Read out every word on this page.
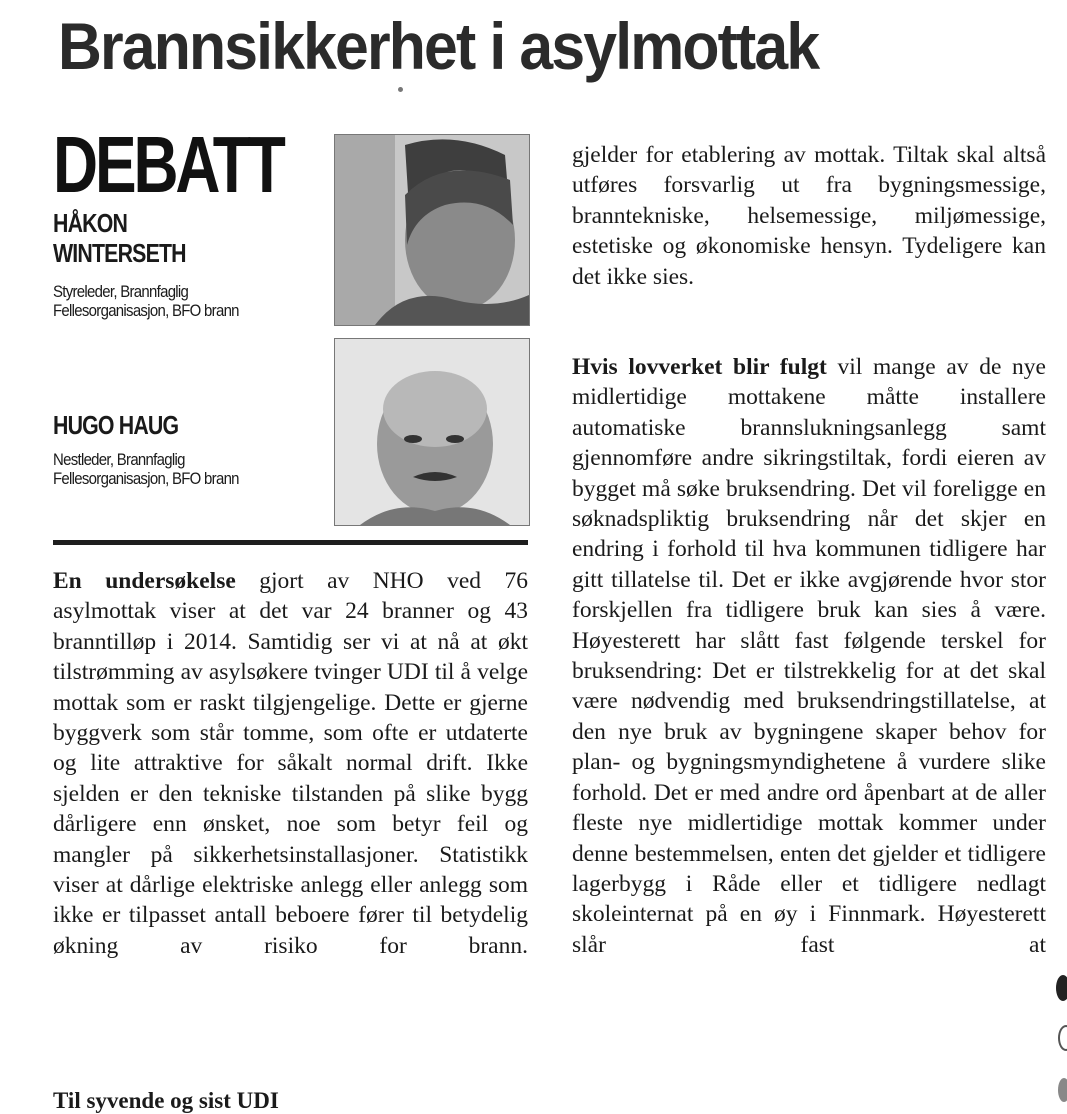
Brannsikkerhet i asylmottak
DEBATT
HÅKON
WINTERSETH
Styreleder, Brannfaglig
Fellesorganisasjon, BFO brann
HUGO HAUG
Nestleder, Brannfaglig
Fellesorganisasjon, BFO brann

En undersøkelse gjort av NHO ved 76 asylmottak viser at det var 24 branner og 43 branntilløp i 2014. Samtidig ser vi at nå at økt tilstrømming av asylsøkere tvinger UDI til å velge mottak som er raskt tilgjengelige. Dette er gjerne byggverk som står tomme, som ofte er utdaterte og lite attraktive for såkalt normal drift. Ikke sjelden er den tekniske tilstanden på slike bygg dårligere enn ønsket, noe som betyr feil og mangler på sikkerhetsinstallasjoner. Statistikk viser at dårlige elektriske anlegg eller anlegg som ikke er tilpasset antall beboere fører til betydelig økning av risiko for brann.

Til syvende og sist UDI

gjelder for etablering av mottak. Tiltak skal altså utføres forsvarlig ut fra bygningsmessige, branntekniske, helsemessige, miljømessige, estetiske og økonomiske hensyn. Tydeligere kan det ikke sies.

Hvis lovverket blir fulgt vil mange av de nye midlertidige mottakene måtte installere automatiske brannslukningsanlegg samt gjennomføre andre sikringstiltak, fordi eieren av bygget må søke bruksendring. Det vil foreligge en søknadspliktig bruksendring når det skjer en endring i forhold til hva kommunen tidligere har gitt tillatelse til. Det er ikke avgjørende hvor stor forskjellen fra tidligere bruk kan sies å være. Høyesterett har slått fast følgende terskel for bruksendring: Det er tilstrekkelig for at det skal være nødvendig med bruksendringstillatelse, at den nye bruk av bygningene skaper behov for plan- og bygningsmyndighetene å vurdere slike forhold. Det er med andre ord åpenbart at de aller fleste nye midlertidige mottak kommer under denne bestemmelsen, enten det gjelder et tidligere lagerbygg i Råde eller et tidligere nedlagt skoleinternat på en øy i Finnmark. Høyesterett slår fast at
